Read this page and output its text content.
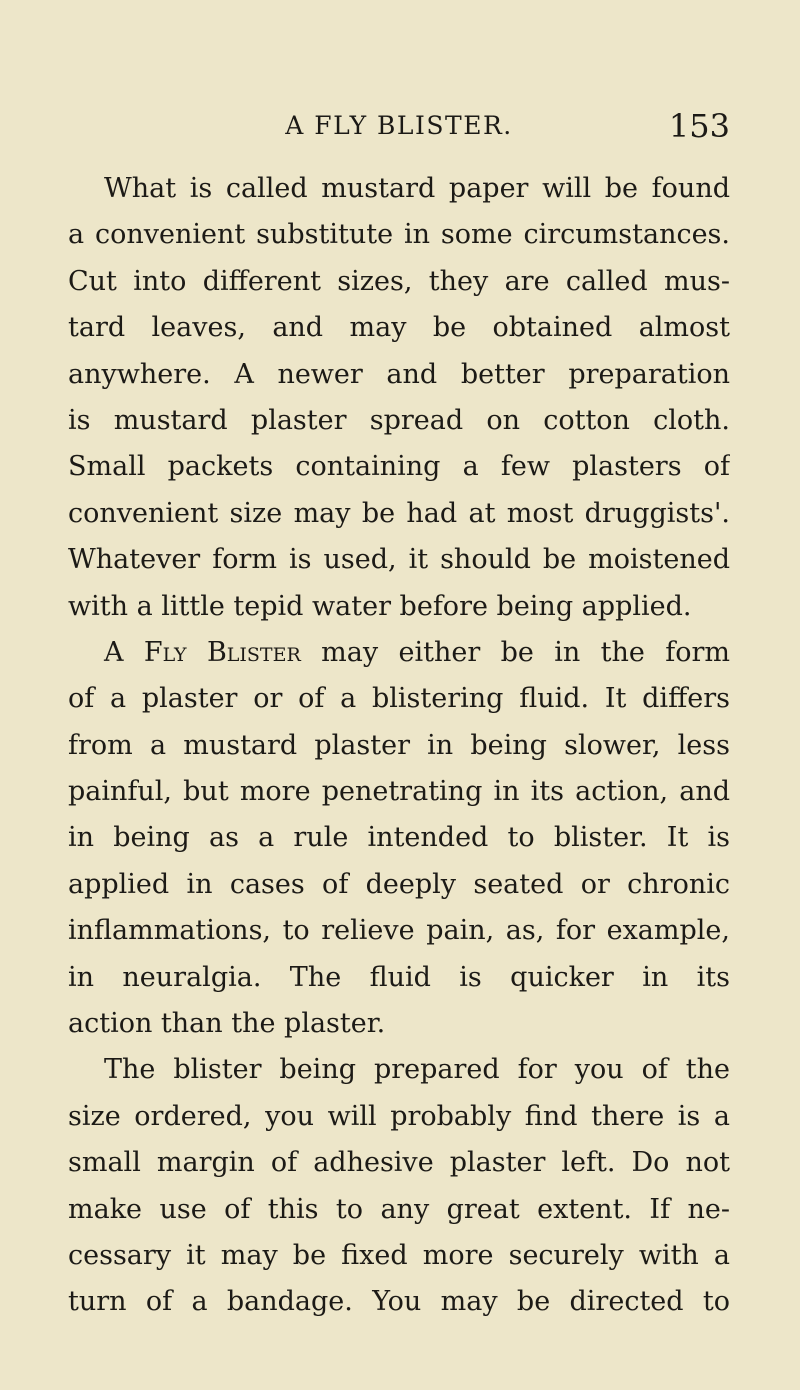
A FLY BLISTER.	153
What is called mustard paper will be found
a convenient substitute in some circumstances.
Cut into different sizes, they are called mus-
tard leaves, and may be obtained almost
anywhere. A newer and better preparation
is mustard plaster spread on cotton cloth.
Small packets containing a few plasters of
convenient size may be had at most druggists'.
Whatever form is used, it should be moistened
with a little tepid water before being applied.
A Fly Blister may either be in the form
of a plaster or of a blistering fluid. It differs
from a mustard plaster in being slower, less
painful, but more penetrating in its action, and
in being as a rule intended to blister. It is
applied in cases of deeply seated or chronic
inflammations, to relieve pain, as, for example,
in neuralgia. The fluid is quicker in its
action than the plaster.
The blister being prepared for you of the
size ordered, you will probably find there is a
small margin of adhesive plaster left. Do not
make use of this to any great extent. If ne-
cessary it may be fixed more securely with a
turn of a bandage. You may be directed to
